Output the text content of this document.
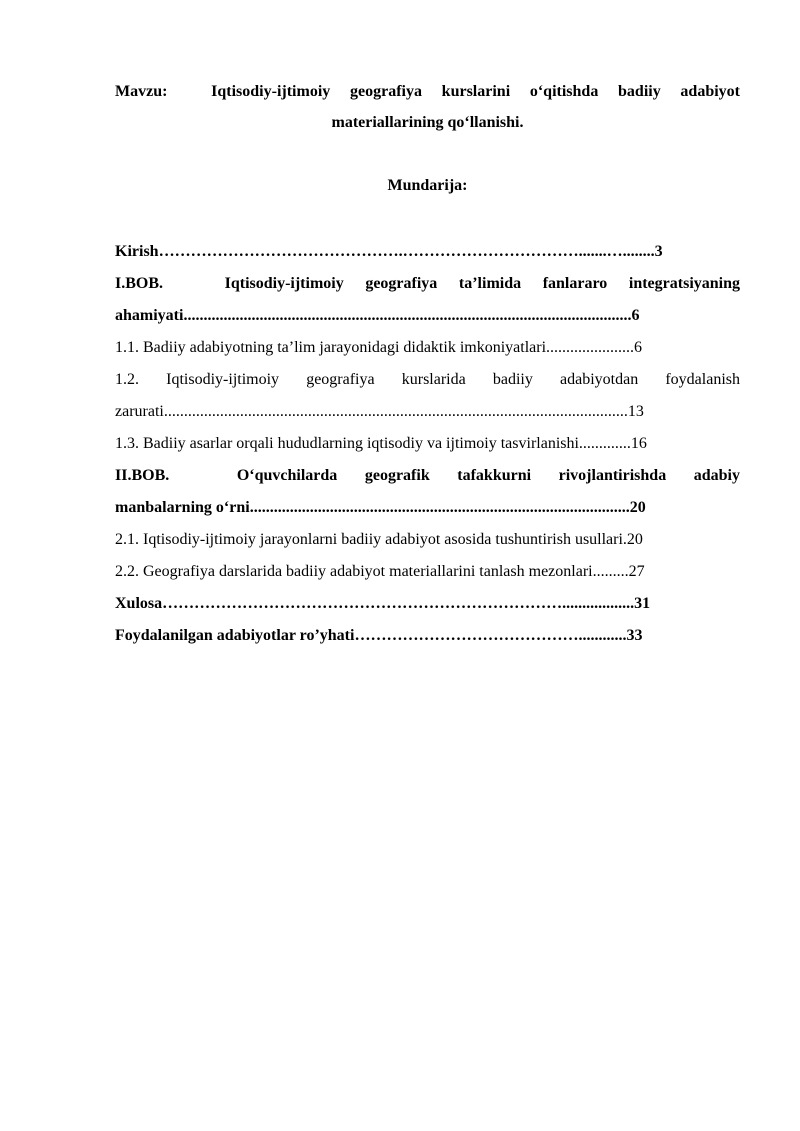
Mavzu:	Iqtisodiy-ijtimoiy geografiya kurslarini o‘qitishda badiiy adabiyot materiallarining qo‘llanishi.
Mundarija:
Kirish……………………………………….…………………………….......…........3
I.BOB.	Iqtisodiy-ijtimoiy geografiya ta’limida fanlararo integratsiyaning
ahamiyati................................................................................................................6
1.1. Badiiy adabiyotning ta’lim jarayonidagi didaktik imkoniyatlari......................6
1.2. Iqtisodiy-ijtimoiy geografiya kurslarida badiiy adabiyotdan foydalanish
zarurati....................................................................................................................13
1.3. Badiiy asarlar orqali hududlarning iqtisodiy va ijtimoiy tasvirlanishi.............16
II.BOB.	O‘quvchilarda geografik tafakkurni rivojlantirishda adabiy
manbalarning o‘rni...............................................................................................20
2.1. Iqtisodiy-ijtimoiy jarayonlarni badiiy adabiyot asosida tushuntirish usullari.20
2.2. Geografiya darslarida badiiy adabiyot materiallarini tanlash mezonlari.........27
Xulosa…………………………………………………………………..................31
Foydalanilgan adabiyotlar ro’yhati……………………………………............33
